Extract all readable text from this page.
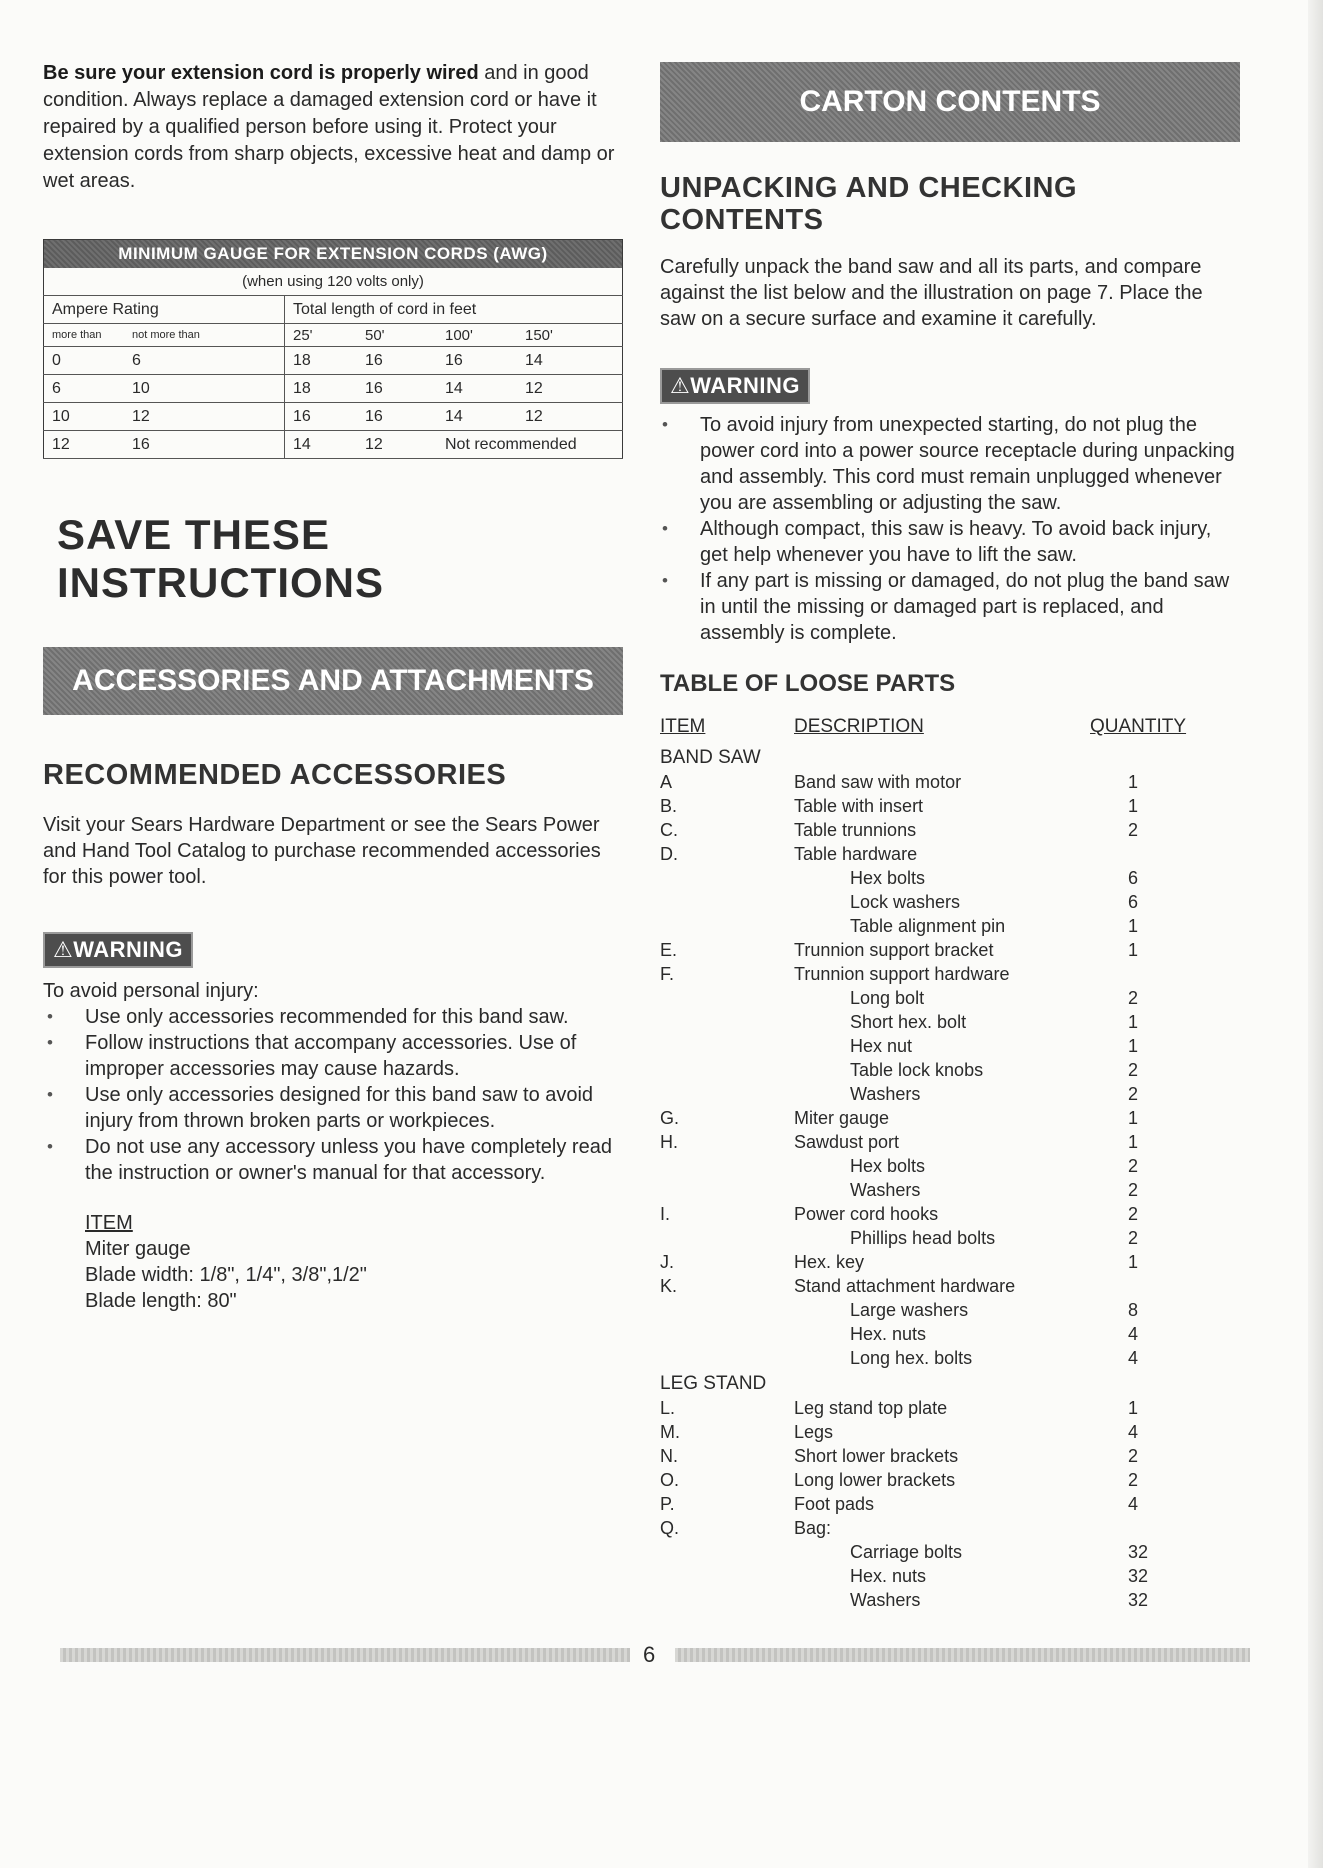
Be sure your extension cord is properly wired and in good condition. Always replace a damaged extension cord or have it repaired by a qualified person before using it. Protect your extension cords from sharp objects, excessive heat and damp or wet areas.

MINIMUM GAUGE FOR EXTENSION CORDS (AWG)	
(when using 120 volts only)	
Ampere Rating	Total length of cord in feet
more than not more than	25' 50' 100' 150'
0 6	18 16 16 14
6 10	18 16 14 12
10 12	16 16 14 12
12 16	14 12 Not recommended
SAVE THESE INSTRUCTIONS
ACCESSORIES AND ATTACHMENTS
RECOMMENDED ACCESSORIES

Visit your Sears Hardware Department or see the Sears Power and Hand Tool Catalog to purchase recommended accessories for this power tool.

⚠WARNING
To avoid personal injury:
• Use only accessories recommended for this band saw.
• Follow instructions that accompany accessories. Use of improper accessories may cause hazards.
• Use only accessories designed for this band saw to avoid injury from thrown broken parts or workpieces.
• Do not use any accessory unless you have completely read the instruction or owner's manual for that accessory.
ITEM
Miter gauge
Blade width: 1/8", 1/4", 3/8",1/2"
Blade length: 80"
CARTON CONTENTS
UNPACKING AND CHECKING CONTENTS

Carefully unpack the band saw and all its parts, and compare against the list below and the illustration on page 7. Place the saw on a secure surface and examine it carefully.

⚠WARNING
• To avoid injury from unexpected starting, do not plug the power cord into a power source receptacle during unpacking and assembly. This cord must remain unplugged whenever you are assembling or adjusting the saw.
• Although compact, this saw is heavy. To avoid back injury, get help whenever you have to lift the saw.
• If any part is missing or damaged, do not plug the band saw in until the missing or damaged part is replaced, and assembly is complete.
TABLE OF LOOSE PARTS
ITEM	DESCRIPTION	QUANTITY
BAND SAW
A	Band saw with motor	1
B.	Table with insert	1
C.	Table trunnions	2
D.	Table hardware
Hex bolts	6
Lock washers	6
Table alignment pin	1
E.	Trunnion support bracket	1
F.	Trunnion support hardware
Long bolt	2
Short hex. bolt	1
Hex nut	1
Table lock knobs	2
Washers	2
G.	Miter gauge	1
H.	Sawdust port	1
Hex bolts	2
Washers	2
I.	Power cord hooks	2
Phillips head bolts	2
J.	Hex. key	1
K.	Stand attachment hardware
Large washers	8
Hex. nuts	4
Long hex. bolts	4
LEG STAND
L.	Leg stand top plate	1
M.	Legs	4
N.	Short lower brackets	2
O.	Long lower brackets	2
P.	Foot pads	4
Q.	Bag:
Carriage bolts	32
Hex. nuts	32
Washers	32
6
